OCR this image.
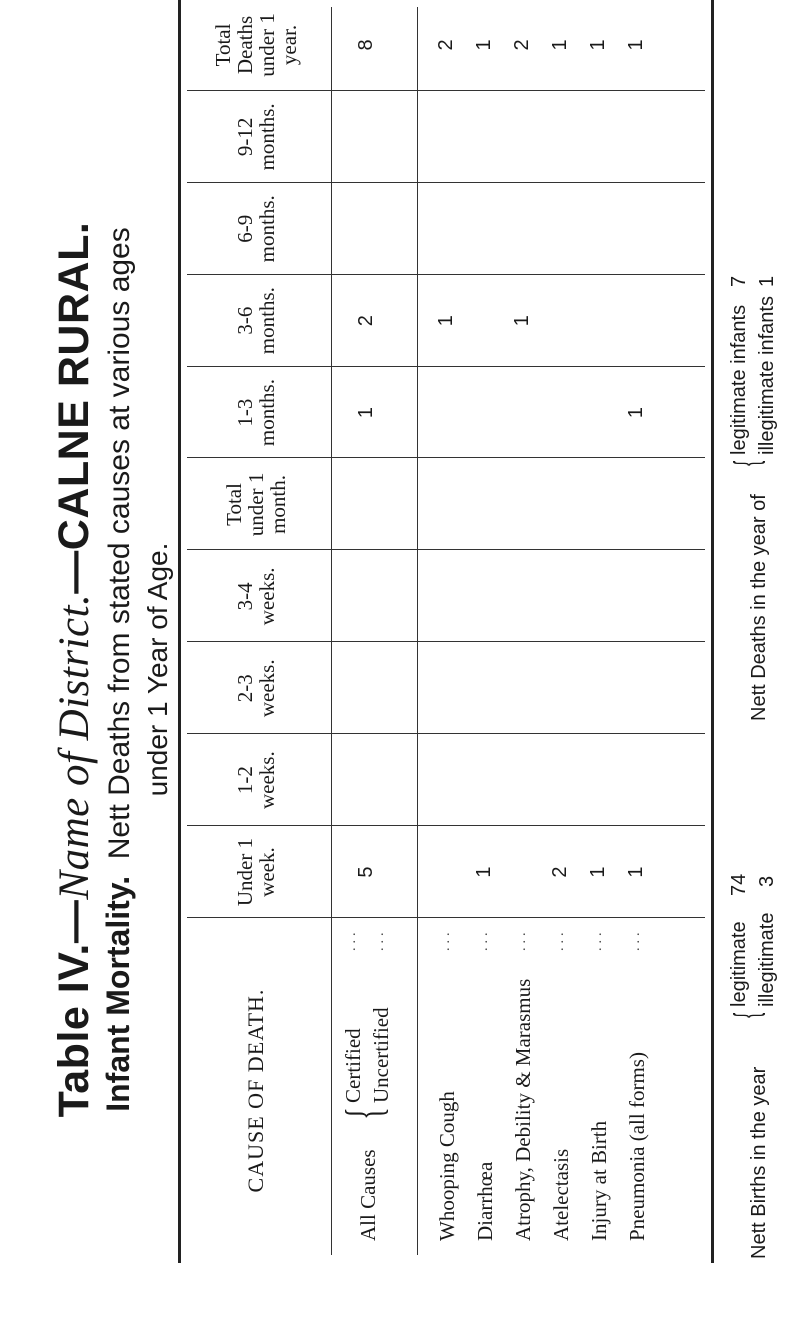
Table IV.—Name of District.—CALNE RURAL.
Infant Mortality.  Nett Deaths from stated causes at various ages under 1 Year of Age.
CAUSE OF DEATH.
Under 1 week.
1-2 weeks.
2-3 weeks.
3-4 weeks.
Total under 1 month.
1-3 months.
3-6 months.
6-9 months.
9-12 months.
Total Deaths under 1 year.
All Causes
{
Certified Uncertified
... ...
Whooping Cough
...
Diarrhœa
...
Atrophy, Debility & Marasmus
...
Atelectasis
...
Injury at Birth
...
Pneumonia (all forms)
...
5
1
2
8
1
2
1
1
1
2
2
1
1
1
1
1
1
Nett Births in the year
{
legitimate
74
illegitimate
3
Nett Deaths in the year of
{
legitimate infants
7
illegitimate infants
1
